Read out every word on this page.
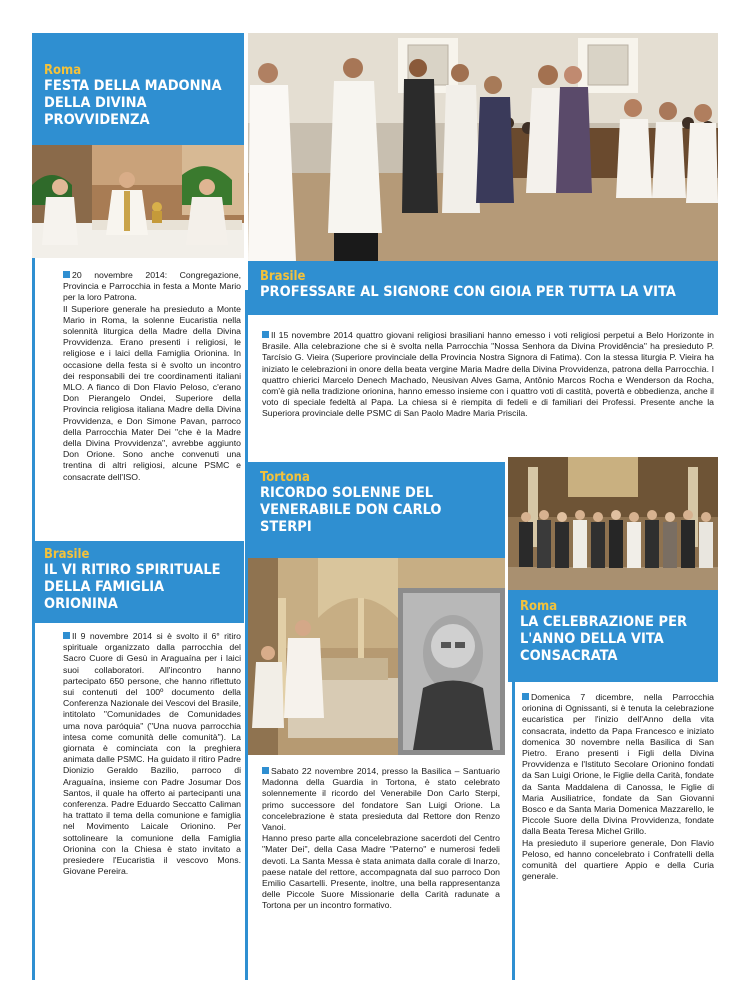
Roma
FESTA DELLA MADONNA DELLA DIVINA PROVVIDENZA

20 novembre 2014: Congregazione, Provincia e Parrocchia in festa a Monte Mario per la loro Patrona.

Il Superiore generale ha presieduto a Monte Mario in Roma, la solenne Eucaristia nella solennità liturgica della Madre della Divina Provvidenza. Erano presenti i religiosi, le religiose e i laici della Famiglia Orionina. In occasione della festa si è svolto un incontro dei responsabili dei tre coordinamenti italiani MLO. A fianco di Don Flavio Peloso, c'erano Don Pierangelo Ondei, Superiore della Provincia religiosa italiana Madre della Divina Provvidenza, e Don Simone Pavan, parroco della Parrocchia Mater Dei "che è la Madre della Divina Provvidenza", avrebbe aggiunto Don Orione. Sono anche convenuti una trentina di altri religiosi, alcune PSMC e consacrate dell'ISO.

Brasile
PROFESSARE AL SIGNORE CON GIOIA PER TUTTA LA VITA

Il 15 novembre 2014 quattro giovani religiosi brasiliani hanno emesso i voti religiosi perpetui a Belo Horizonte in Brasile. Alla celebrazione che si è svolta nella Parrocchia "Nossa Senhora da Divina Providência" ha presieduto P. Tarcísio G. Vieira (Superiore provinciale della Provincia Nostra Signora di Fatima). Con la stessa liturgia P. Vieira ha iniziato le celebrazioni in onore della beata vergine Maria Madre della Divina Provvidenza, patrona della Parrocchia. I quattro chierici Marcelo Denech Machado, Neusivan Alves Gama, Antônio Marcos Rocha e Wenderson da Rocha, com'è già nella tradizione orionina, hanno emesso insieme con i quattro voti di castità, povertà e obbedienza, anche il voto di speciale fedeltà al Papa. La chiesa si è riempita di fedeli e di familiari dei Professi. Presente anche la Superiora provinciale delle PSMC di San Paolo Madre Maria Priscila.

Brasile
IL VI RITIRO SPIRITUALE DELLA FAMIGLIA ORIONINA

Il 9 novembre 2014 si è svolto il 6° ritiro spirituale organizzato dalla parrocchia del Sacro Cuore di Gesù in Araguaína per i laici suoi collaboratori. All'incontro hanno partecipato 650 persone, che hanno riflettuto sui contenuti del 100º documento della Conferenza Nazionale dei Vescovi del Brasile, intitolato "Comunidades de Comunidades uma nova paróquia" ("Una nuova parrocchia intesa come comunità delle comunità"). La giornata è cominciata con la preghiera animata dalle PSMC. Ha guidato il ritiro Padre Dionizio Geraldo Bazilio, parroco di Araguaína, insieme con Padre Josumar Dos Santos, il quale ha offerto ai partecipanti una conferenza. Padre Eduardo Seccatto Caliman ha trattato il tema della comunione e famiglia nel Movimento Laicale Orionino. Per sottolineare la comunione della Famiglia Orionina con la Chiesa è stato invitato a presiedere l'Eucaristia il vescovo Mons. Giovane Pereira.

Tortona
RICORDO SOLENNE DEL VENERABILE DON CARLO STERPI
Roma
LA CELEBRAZIONE PER L'ANNO DELLA VITA CONSACRATA

Sabato 22 novembre 2014, presso la Basilica – Santuario Madonna della Guardia in Tortona, è stato celebrato solennemente il ricordo del Venerabile Don Carlo Sterpi, primo successore del fondatore San Luigi Orione. La concelebrazione è stata presieduta dal Rettore don Renzo Vanoi.

Hanno preso parte alla concelebrazione sacerdoti del Centro "Mater Dei", della Casa Madre "Paterno" e numerosi fedeli devoti. La Santa Messa è stata animata dalla corale di Inarzo, paese natale del rettore, accompagnata dal suo parroco Don Emilio Casartelli. Presente, inoltre, una bella rappresentanza delle Piccole Suore Missionarie della Carità radunate a Tortona per un incontro formativo.

Domenica 7 dicembre, nella Parrocchia orionina di Ognissanti, si è tenuta la celebrazione eucaristica per l'inizio dell'Anno della vita consacrata, indetto da Papa Francesco e iniziato domenica 30 novembre nella Basilica di San Pietro. Erano presenti i Figli della Divina Provvidenza e l'Istituto Secolare Orionino fondati da San Luigi Orione, le Figlie della Carità, fondate da Santa Maddalena di Canossa, le Figlie di Maria Ausiliatrice, fondate da San Giovanni Bosco e da Santa Maria Domenica Mazzarello, le Piccole Suore della Divina Provvidenza, fondate dalla Beata Teresa Michel Grillo.

Ha presieduto il superiore generale, Don Flavio Peloso, ed hanno concelebrato i Confratelli della comunità del quartiere Appio e della Curia generale.
